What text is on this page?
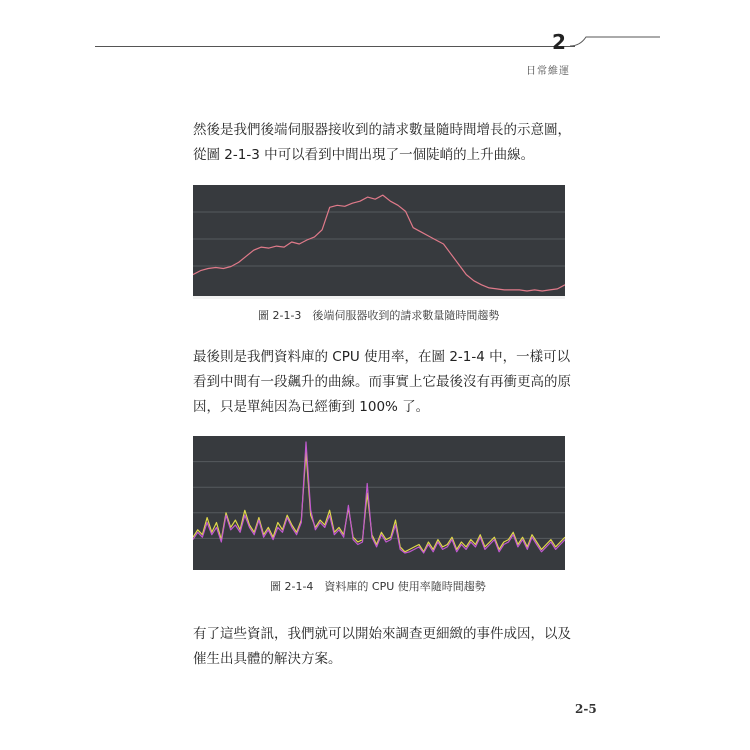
2
日常維運
然後是我們後端伺服器接收到的請求數量隨時間增長的示意圖，從圖 2-1-3 中可以看到中間出現了一個陡峭的上升曲線。
圖 2-1-3　後端伺服器收到的請求數量隨時間趨勢
最後則是我們資料庫的 CPU 使用率，在圖 2-1-4 中，一樣可以看到中間有一段飆升的曲線。而事實上它最後沒有再衝更高的原因，只是單純因為已經衝到 100% 了。
圖 2-1-4　資料庫的 CPU 使用率隨時間趨勢
有了這些資訊，我們就可以開始來調查更細緻的事件成因，以及催生出具體的解決方案。
2-5
